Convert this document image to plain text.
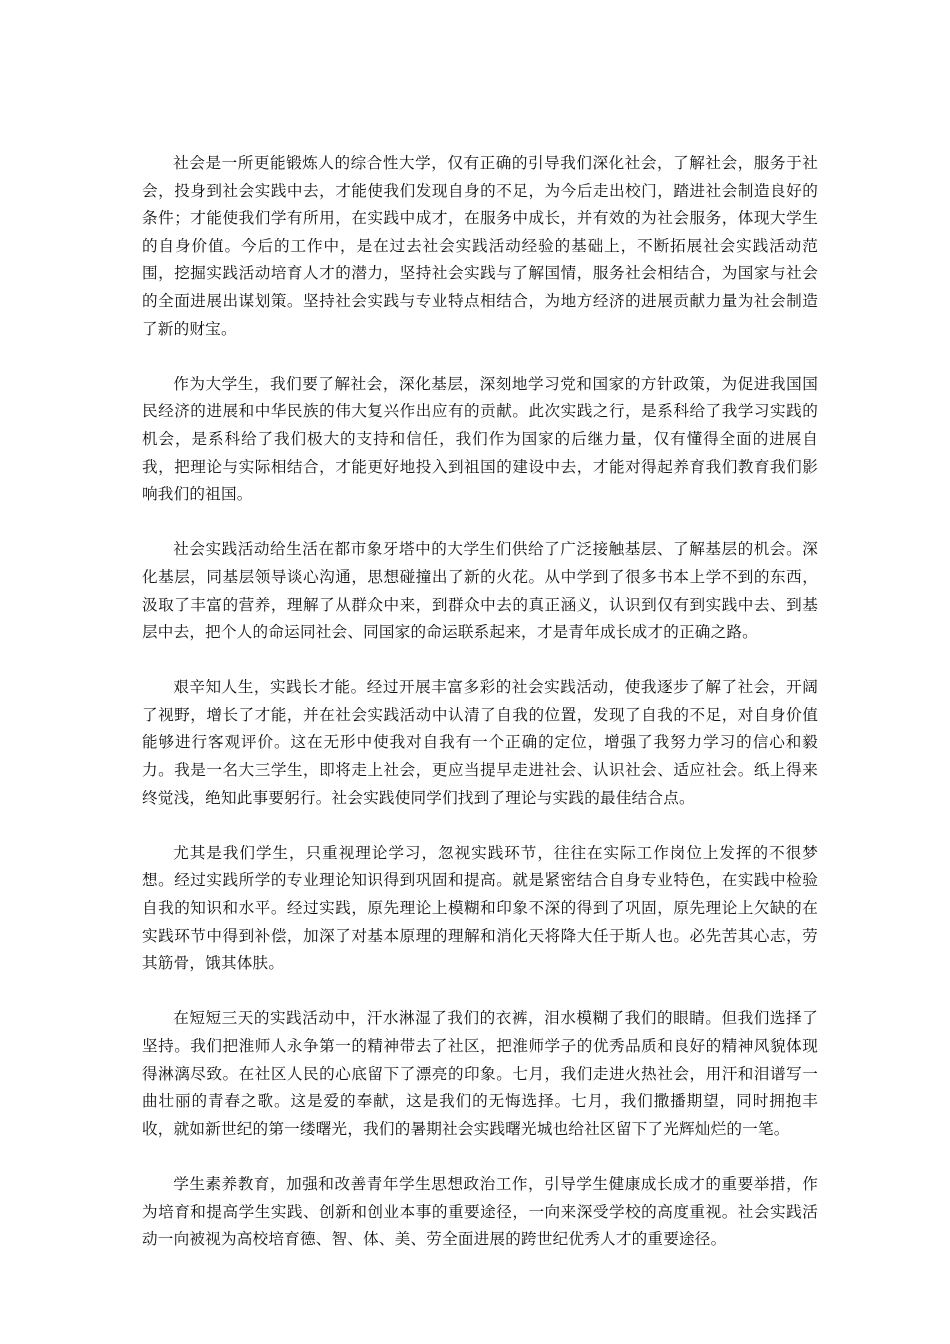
社会是一所更能锻炼人的综合性大学，仅有正确的引导我们深化社会，了解社会，服务于社会，投身到社会实践中去，才能使我们发现自身的不足，为今后走出校门，踏进社会制造良好的条件；才能使我们学有所用，在实践中成才，在服务中成长，并有效的为社会服务，体现大学生的自身价值。今后的工作中，是在过去社会实践活动经验的基础上，不断拓展社会实践活动范围，挖掘实践活动培育人才的潜力，坚持社会实践与了解国情，服务社会相结合，为国家与社会的全面进展出谋划策。坚持社会实践与专业特点相结合，为地方经济的进展贡献力量为社会制造了新的财宝。

作为大学生，我们要了解社会，深化基层，深刻地学习党和国家的方针政策，为促进我国国民经济的进展和中华民族的伟大复兴作出应有的贡献。此次实践之行，是系科给了我学习实践的机会，是系科给了我们极大的支持和信任，我们作为国家的后继力量，仅有懂得全面的进展自我，把理论与实际相结合，才能更好地投入到祖国的建设中去，才能对得起养育我们教育我们影响我们的祖国。

社会实践活动给生活在都市象牙塔中的大学生们供给了广泛接触基层、了解基层的机会。深化基层，同基层领导谈心沟通，思想碰撞出了新的火花。从中学到了很多书本上学不到的东西，汲取了丰富的营养，理解了从群众中来，到群众中去的真正涵义，认识到仅有到实践中去、到基层中去，把个人的命运同社会、同国家的命运联系起来，才是青年成长成才的正确之路。

艰辛知人生，实践长才能。经过开展丰富多彩的社会实践活动，使我逐步了解了社会，开阔了视野，增长了才能，并在社会实践活动中认清了自我的位置，发现了自我的不足，对自身价值能够进行客观评价。这在无形中使我对自我有一个正确的定位，增强了我努力学习的信心和毅力。我是一名大三学生，即将走上社会，更应当提早走进社会、认识社会、适应社会。纸上得来终觉浅，绝知此事要躬行。社会实践使同学们找到了理论与实践的最佳结合点。

尤其是我们学生，只重视理论学习，忽视实践环节，往往在实际工作岗位上发挥的不很梦想。经过实践所学的专业理论知识得到巩固和提高。就是紧密结合自身专业特色，在实践中检验自我的知识和水平。经过实践，原先理论上模糊和印象不深的得到了巩固，原先理论上欠缺的在实践环节中得到补偿，加深了对基本原理的理解和消化天将降大任于斯人也。必先苦其心志，劳其筋骨，饿其体肤。

在短短三天的实践活动中，汗水淋湿了我们的衣裤，泪水模糊了我们的眼睛。但我们选择了坚持。我们把淮师人永争第一的精神带去了社区，把淮师学子的优秀品质和良好的精神风貌体现得淋漓尽致。在社区人民的心底留下了漂亮的印象。七月，我们走进火热社会，用汗和泪谱写一曲壮丽的青春之歌。这是爱的奉献，这是我们的无悔选择。七月，我们撒播期望，同时拥抱丰收，就如新世纪的第一缕曙光，我们的暑期社会实践曙光城也给社区留下了光辉灿烂的一笔。

学生素养教育，加强和改善青年学生思想政治工作，引导学生健康成长成才的重要举措，作为培育和提高学生实践、创新和创业本事的重要途径，一向来深受学校的高度重视。社会实践活动一向被视为高校培育德、智、体、美、劳全面进展的跨世纪优秀人才的重要途径。
